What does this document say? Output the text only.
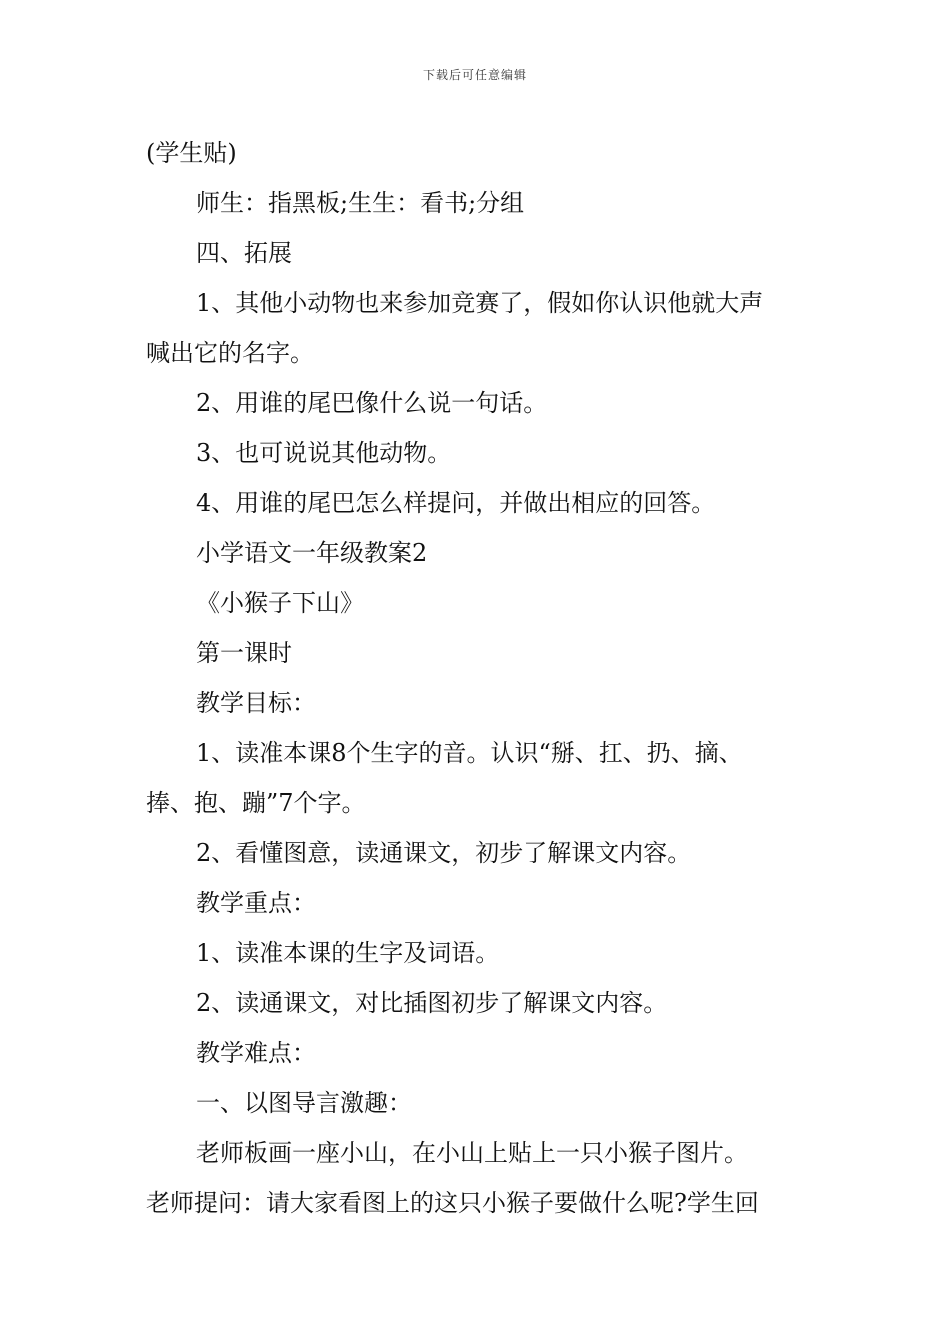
下载后可任意编辑
(学生贴)
师生：指黑板;生生：看书;分组
四、拓展
1、其他小动物也来参加竞赛了，假如你认识他就大声
喊出它的名字。
2、用谁的尾巴像什么说一句话。
3、也可说说其他动物。
4、用谁的尾巴怎么样提问，并做出相应的回答。
小学语文一年级教案2
《小猴子下山》
第一课时
教学目标：
1、读准本课8个生字的音。认识“掰、扛、扔、摘、
捧、抱、蹦”7个字。
2、看懂图意，读通课文，初步了解课文内容。
教学重点：
1、读准本课的生字及词语。
2、读通课文，对比插图初步了解课文内容。
教学难点：
一、以图导言激趣：
老师板画一座小山，在小山上贴上一只小猴子图片。
老师提问：请大家看图上的这只小猴子要做什么呢?学生回
